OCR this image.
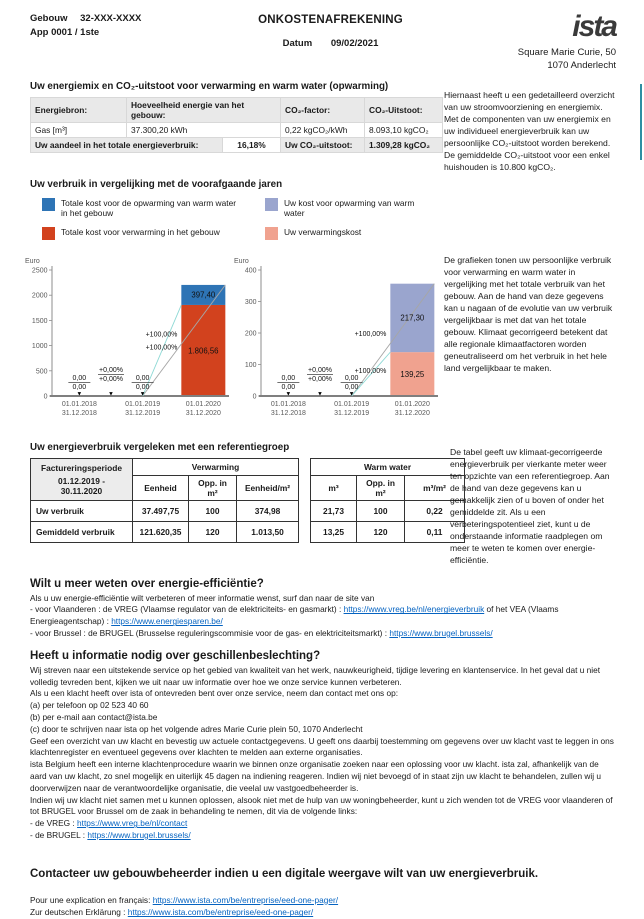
Gebouw 32-XXX-XXXX
App 0001 / 1ste
ONKOSTENAFREKENING
Datum 09/02/2021
ista
Square Marie Curie, 50
1070 Anderlecht
Uw energiemix en CO₂-uitstoot voor verwarming en warm water (opwarming)
Energiebron:	Hoeveelheid energie van het gebouw:		CO₂-factor:	CO₂-Uitstoot:
Gas [m³]	37.300,20 kWh		0,22 kgCO₂/kWh	8.093,10 kgCO₂
Uw aandeel in het totale energieverbruik:		16,18%	Uw CO₂-uitstoot:	1.309,28 kgCO₂
Hiernaast heeft u een gedetailleerd overzicht van uw stroomvoorziening en energiemix. Met de componenten van uw energiemix en uw individueel energieverbruik kan uw persoonlijke CO₂-uitstoot worden berekend. De gemiddelde CO₂-uitstoot voor een enkel huishouden is 10.800 kgCO₂.
Uw verbruik in vergelijking met de voorafgaande jaren
Totale kost voor de opwarming van warm water in het gebouw
Uw kost voor opwarming van warm water
Totale kost voor verwarming in het gebouw	Uw verwarmingskost
Euro
0
500
1000
1500
2000
2500
1.806,56
397,40
0,00
0,00
▼
0,00
0,00
▼
+0,00%
+0,00%
▼
+100,00%
+100,00%
01.01.2018
31.12.2018
01.01.2019
31.12.2019
01.01.2020
31.12.2020
Euro
0
100
200
300
400
139,25
217,30
0,00
0,00
▼
0,00
0,00
▼
+0,00%
+0,00%
▼
+100,00%
+100,00%
01.01.2018
31.12.2018
01.01.2019
31.12.2019
01.01.2020
31.12.2020
De grafieken tonen uw persoonlijke verbruik voor verwarming en warm water in vergelijking met het totale verbruik van het gebouw. Aan de hand van deze gegevens kan u nagaan of de evolutie van uw verbruik vergelijkbaar is met dat van het totale gebouw. Klimaat gecorrigeerd betekent dat alle regionale klimaatfactoren worden geneutraliseerd om het verbruik in het hele land vergelijkbaar te maken.
Uw energieverbruik vergeleken met een referentiegroep
Factureringsperiode
01.12.2019 -
30.11.2020	Verwarming				Warm water		
	Eenheid	Opp. in m²	Eenheid/m²		m³	Opp. in m²	m³/m²
Uw verbruik	37.497,75	100	374,98		21,73	100	0,22
Gemiddeld verbruik	121.620,35	120	1.013,50		13,25	120	0,11
De tabel geeft uw klimaat-gecorrigeerde energieverbruik per vierkante meter weer ten opzichte van een referentiegroep. Aan de hand van deze gegevens kan u gemakkelijk zien of u boven of onder het gemiddelde zit. Als u een verbeteringspotentieel ziet, kunt u de onderstaande informatie raadplegen om meer te weten te komen over energie-efficiëntie.
Wilt u meer weten over energie-efficiëntie?

Als u uw energie-efficiëntie wilt verbeteren of meer informatie wenst, surf dan naar de site van

- voor Vlaanderen : de VREG (Vlaamse regulator van de elektriciteits- en gasmarkt) : https://www.vreg.be/nl/energieverbruik of het VEA (Vlaams Energieagentschap) : https://www.energiesparen.be/

- voor Brussel : de BRUGEL (Brusselse reguleringscommisie voor de gas- en elektriciteitsmarkt) : https://www.brugel.brussels/

Heeft u informatie nodig over geschillenbeslechting?

Wij streven naar een uitstekende service op het gebied van kwaliteit van het werk, nauwkeurigheid, tijdige levering en klantenservice. In het geval dat u niet volledig tevreden bent, kijken we uit naar uw informatie over hoe we onze service kunnen verbeteren.

Als u een klacht heeft over ista of ontevreden bent over onze service, neem dan contact met ons op:

(a) per telefoon op 02 523 40 60

(b) per e-mail aan contact@ista.be

(c) door te schrijven naar ista op het volgende adres Marie Curie plein 50, 1070 Anderlecht

Geef een overzicht van uw klacht en bevestig uw actuele contactgegevens. U geeft ons daarbij toestemming om gegevens over uw klacht vast te leggen in ons klachtenregister en eventueel gegevens over klachten te melden aan externe organisaties.

ista Belgium heeft een interne klachtenprocedure waarin we binnen onze organisatie zoeken naar een oplossing voor uw klacht. ista zal, afhankelijk van de aard van uw klacht, zo snel mogelijk en uiterlijk 45 dagen na indiening reageren. Indien wij niet bevoegd of in staat zijn uw klacht te behandelen, zullen wij u doorverwijzen naar de verantwoordelijke organisatie, die veelal uw vastgoedbeheerder is.

Indien wij uw klacht niet samen met u kunnen oplossen, alsook niet met de hulp van uw woningbeheerder, kunt u zich wenden tot de VREG voor vlaanderen of tot BRUGEL voor Brussel om de zaak in behandeling te nemen, dit via de volgende links:

- de VREG : https://www.vreg.be/nl/contact

- de BRUGEL : https://www.brugel.brussels/

Contacteer uw gebouwbeheerder indien u een digitale weergave wilt van uw energieverbruik.

Pour une explication en français: https://www.ista.com/be/entreprise/eed-one-pager/

Zur deutschen Erklärung : https://www.ista.com/be/entreprise/eed-one-pager/
